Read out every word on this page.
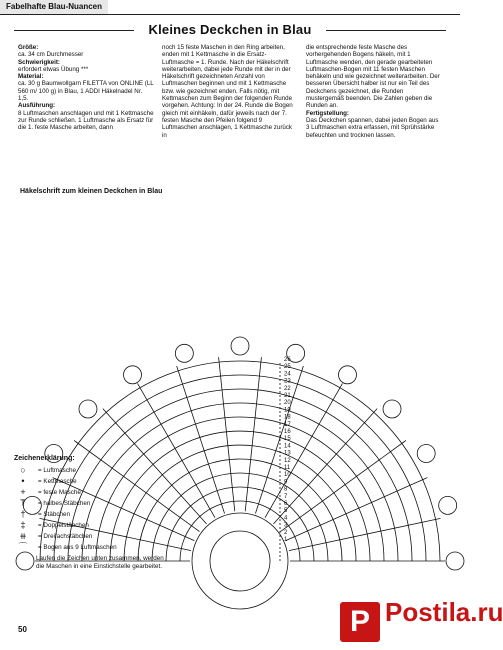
Fabelhafte Blau-Nuancen
Kleines Deckchen in Blau
Größe:
ca. 34 cm Durchmesser
Schwierigkeit:
erfordert etwas Übung ***
Material:
ca. 30 g Baumwollgarn FILETTA von ONLINE (LL 560 m/ 100 g) in Blau, 1 ADDI Häkelnadel Nr. 1,5.
Ausführung:
8 Luftmaschen anschlagen und mit 1 Kettmasche zur Runde schließen. 1 Luftmasche als Ersatz für die 1. feste Masche arbeiten, dann
noch 15 feste Maschen in den Ring arbeiten, enden mit 1 Kettmasche in die Ersatz-Luftmasche = 1. Runde. Nach der Häkelschrift weiterarbeiten, dabei jede Runde mit der in der Häkelschrift gezeichneten Anzahl von Luftmaschen beginnen und mit 1 Kettmasche bzw. wie gezeichnet enden. Falls nötig, mit Kettmaschen zum Beginn der folgenden Runde vorgehen. Achtung: In der 24. Runde die Bogen gleich mit einhäkeln, dafür jeweils nach der 7. festen Masche den Pfeilen folgend 9 Luftmaschen anschlagen, 1 Kettmasche zurück in
die entsprechende feste Masche des vorhergehenden Bogens häkeln, mit 1 Luftmasche wenden, den gerade gearbeiteten Luftmaschen-Bogen mit 11 festen Maschen behäkeln und wie gezeichnet weiterarbeiten. Der besseren Übersicht halber ist nur ein Teil des Deckchens gezeichnet, die Runden mustergemäß beenden. Die Zahlen geben die Runden an.
Fertigstellung:
Das Deckchen spannen, dabei jeden Bogen aus 3 Luftmaschen extra erfassen, mit Sprühstärke befeuchten und trocknen lassen.
Häkelschrift zum kleinen Deckchen in Blau
26
25
24
23
22
21
20
19
18
17
16
15
14
13
12
11
10
9
8
7
6
5
4
3
2
1
Zeichenerklärung:
○	= Luftmasche
•	= Kettmasche
+	= feste Masche
T	= halbes Stäbchen
†	= Stäbchen
‡	= Doppelstäbchen
⧺	= Dreifachstäbchen
⌒	= Bogen aus 9 Luftmaschen
Laufen die Zeichen unten zusammen, werden die Maschen in eine Einstichstelle gearbeitet.
50	P Postila.ru
